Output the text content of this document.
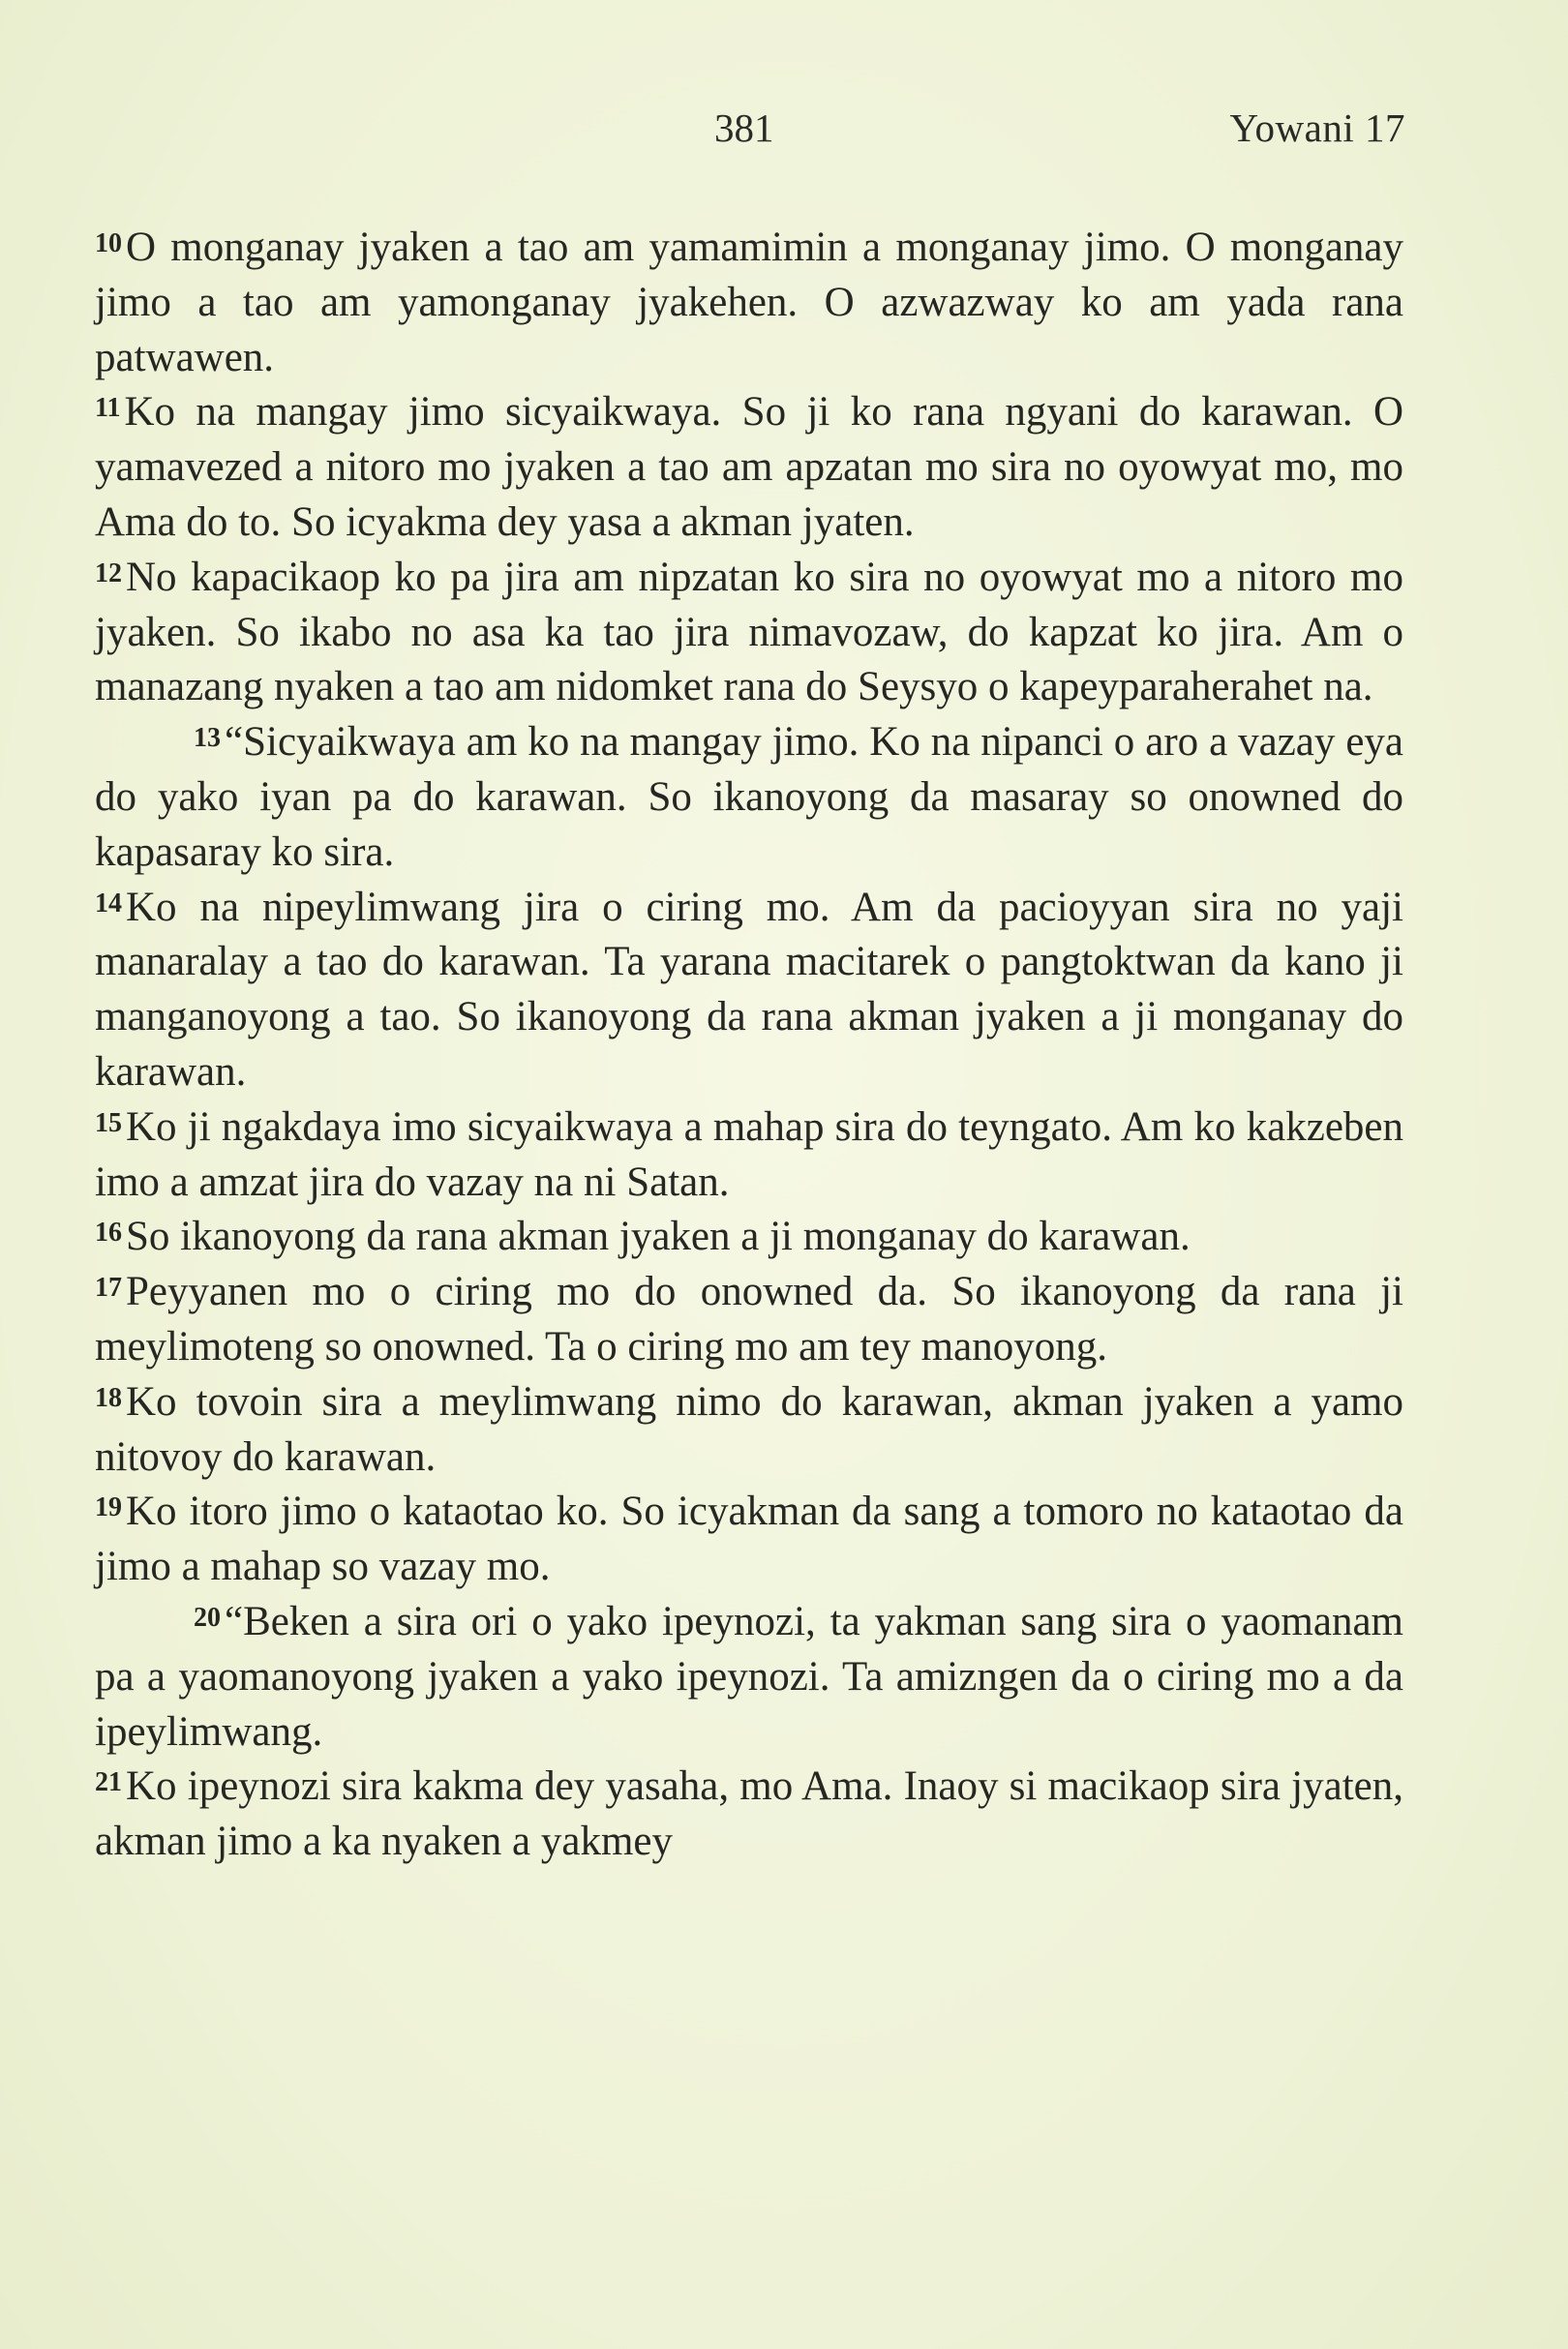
381	Yowani 17

$^{10}$O monganay jyaken a tao am yamamimin a monganay jimo. O monganay jimo a tao am yamonganay jyakehen. O azwazway ko am yada rana patwawen.

$^{11}$Ko na mangay jimo sicyaikwaya. So ji ko rana ngyani do karawan. O yamavezed a nitoro mo jyaken a tao am apzatan mo sira no oyowyat mo, mo Ama do to. So icyakma dey yasa a akman jyaten.

$^{12}$No kapacikaop ko pa jira am nipzatan ko sira no oyowyat mo a nitoro mo jyaken. So ikabo no asa ka tao jira nimavozaw, do kapzat ko jira. Am o manazang nyaken a tao am nidomket rana do Seysyo o kapeyparaherahet na.

$^{13}$“Sicyaikwaya am ko na mangay jimo. Ko na nipanci o aro a vazay eya do yako iyan pa do karawan. So ikanoyong da masaray so onowned do kapasaray ko sira.

$^{14}$Ko na nipeylimwang jira o ciring mo. Am da pacioyyan sira no yaji manaralay a tao do karawan. Ta yarana macitarek o pangtoktwan da kano ji manganoyong a tao. So ikanoyong da rana akman jyaken a ji monganay do karawan.

$^{15}$Ko ji ngakdaya imo sicyaikwaya a mahap sira do teyngato. Am ko kakzeben imo a amzat jira do vazay na ni Satan.

$^{16}$So ikanoyong da rana akman jyaken a ji monganay do karawan.

$^{17}$Peyyanen mo o ciring mo do onowned da. So ikanoyong da rana ji meylimoteng so onowned. Ta o ciring mo am tey manoyong.

$^{18}$Ko tovoin sira a meylimwang nimo do karawan, akman jyaken a yamo nitovoy do karawan.

$^{19}$Ko itoro jimo o kataotao ko. So icyakman da sang a tomoro no kataotao da jimo a mahap so vazay mo.

$^{20}$“Beken a sira ori o yako ipeynozi, ta yakman sang sira o yaomanam pa a yaomanoyong jyaken a yako ipeynozi. Ta amizngen da o ciring mo a da ipeylimwang.

$^{21}$Ko ipeynozi sira kakma dey yasaha, mo Ama. Inaoy si macikaop sira jyaten, akman jimo a ka nyaken a yakmey
